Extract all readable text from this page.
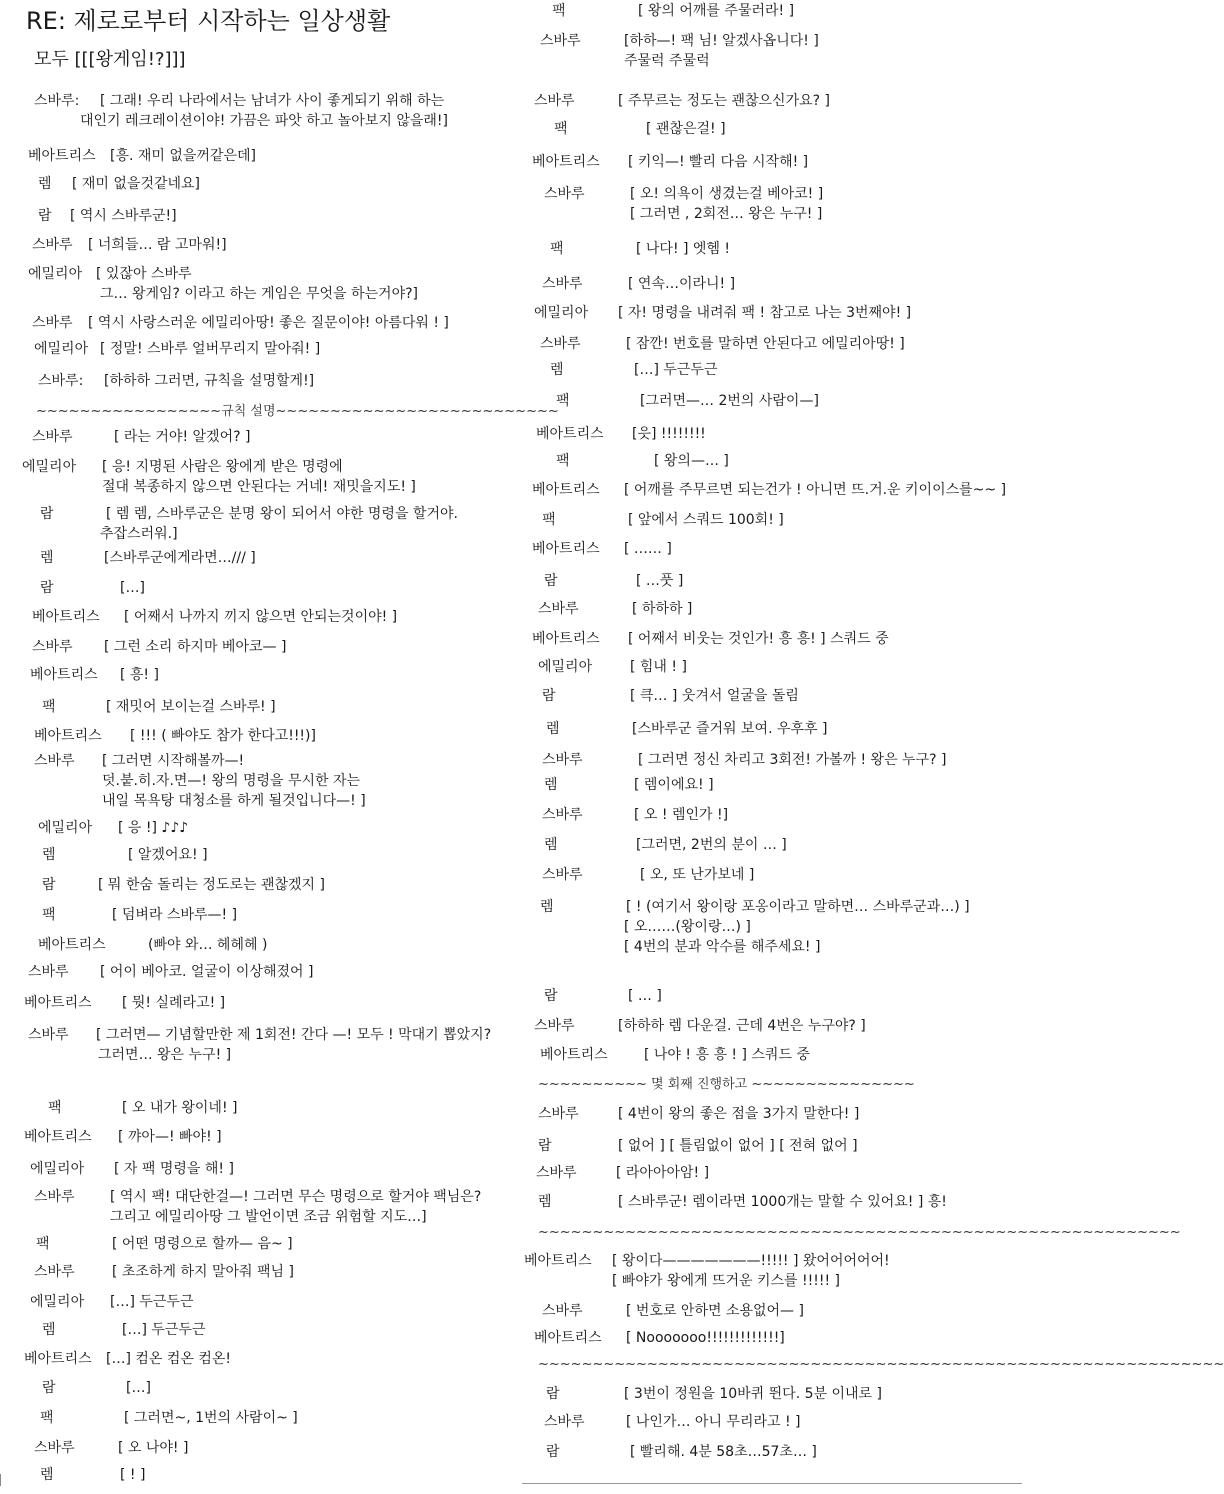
RE: 제로로부터 시작하는 일상생활
모두 [[[왕게임!?]]]
스바루: [ 그래! 우리 나라에서는 남녀가 사이 좋게되기 위해 하는
대인기 레크레이션이야! 가끔은 파앗 하고 놀아보지 않을래!]
베아트리스 [흥. 재미 없을꺼같은데]
렘 [ 재미 없을것같네요]
람 [ 역시 스바루군!]
스바루 [ 너희들… 람 고마워!]
에밀리아 [ 있잖아 스바루
그… 왕게임? 이라고 하는 게임은 무엇을 하는거야?]
스바루 [ 역시 사랑스러운 에밀리아땅! 좋은 질문이야! 아름다워 ! ]
에밀리아 [ 정말! 스바루 얼버무리지 말아줘! ]
스바루: [하하하 그러면, 규칙을 설명할게!]
~~~~~~~~~~~~~~~~~규칙 설명~~~~~~~~~~~~~~~~~~~~~~~~~~
스바루	[ 라는 거야! 알겠어? ]
에밀리아 [ 응! 지명된 사람은 왕에게 받은 명령에
절대 복종하지 않으면 안된다는 거네! 재밋을지도! ]
람	[ 렘 렘, 스바루군은 분명 왕이 되어서 야한 명령을 할거야.
추잡스러워.]
렘	[스바루군에게라면…/// ]
람	[…]
베아트리스 [ 어째서 나까지 끼지 않으면 안되는것이야! ]
스바루 [ 그런 소리 하지마 베아코— ]
베아트리스 [ 흥! ]
팩	[ 재밋어 보이는걸 스바루! ]
베아트리스 [ !!! ( 빠야도 참가 한다고!!!)]
스바루 [ 그러면 시작해볼까—!
덧.붙.히.자.면—! 왕의 명령을 무시한 자는
내일 목욕탕 대청소를 하게 될것입니다—! ]
에밀리아 [ 응 !] ♪♪♪
렘	[ 알겠어요! ]
람	[ 뭐 한숨 돌리는 정도로는 괜찮겠지 ]
팩	[ 덤벼라 스바루—! ]
베아트리스	(빠야 와… 헤헤헤 )
스바루 [ 어이 베아코. 얼굴이 이상해졌어 ]
베아트리스 [ 뭣! 실례라고! ]
스바루 [ 그러면— 기념할만한 제 1회전! 간다 —! 모두 ! 막대기 뽑았지?
그러면… 왕은 누구! ]
팩	[ 오 내가 왕이네! ]
베아트리스 [ 꺄아—! 빠야! ]
에밀리아 [ 자 팩 명령을 해! ]
스바루	[ 역시 팩! 대단한걸—! 그러면 무슨 명령으로 할거야 팩님은?
그리고 에밀리아땅 그 발언이면 조금 위험할 지도…]
팩	[ 어떤 명령으로 할까— 음~ ]
스바루	[ 초조하게 하지 말아줘 팩님 ]
에밀리아 […] 두근두근
렘	[…] 두근두근
베아트리스 […] 컴온 컴온 컴온!
람	[…]
팩	[ 그러면~, 1번의 사람이~ ]
스바루	[ 오 나야! ]
렘	[ ! ]
팩	[ 왕의 어깨를 주물러라! ]
스바루	[하하—! 팩 님! 알겠사옵니다! ]
주물럭 주물럭
스바루	[ 주무르는 정도는 괜찮으신가요? ]
팩	[ 괜찮은걸! ]
베아트리스 [ 키익—! 빨리 다음 시작해! ]
스바루	[ 오! 의욕이 생겼는걸 베아코! ]
[ 그러면 , 2회전… 왕은 누구! ]
팩	[ 나다! ] 엣헴 !
스바루	[ 연속…이라니! ]
에밀리아 [ 자! 명령을 내려줘 팩 ! 참고로 나는 3번째야! ]
스바루	[ 잠깐! 번호를 말하면 안된다고 에밀리아땅! ]
렘	[…] 두근두근
팩	[그러면—… 2번의 사람이—]
베아트리스 [읏] !!!!!!!!
팩	[ 왕의—… ]
베아트리스 [ 어깨를 주무르면 되는건가 ! 아니면 뜨.거.운 키이이스를~~ ]
팩	[ 앞에서 스쿼드 100회! ]
베아트리스 [ …… ]
람	[ …풋 ]
스바루	[ 하하하 ]
베아트리스 [ 어째서 비웃는 것인가! 흥 흥! ] 스쿼드 중
에밀리아	[ 힘내 ! ]
람	[ 큭… ] 웃겨서 얼굴을 돌림
렘	[스바루군 즐거워 보여. 우후후 ]
스바루	[ 그러면 정신 차리고 3회전! 가볼까 ! 왕은 누구? ]
렘	[ 렘이에요! ]
스바루	[ 오 ! 렘인가 !]
렘	[그러면, 2번의 분이 … ]
스바루	[ 오, 또 난가보네 ]
렘	[ ! (여기서 왕이랑 포옹이라고 말하면… 스바루군과…) ]
[ 오……(왕이랑…) ]
[ 4번의 분과 악수를 해주세요! ]
람	[ … ]
스바루	[하하하 렘 다운걸. 근데 4번은 누구야? ]
베아트리스	[ 나야 ! 흥 흥 ! ] 스쿼드 중
~~~~~~~~~~ 몇 회째 진행하고 ~~~~~~~~~~~~~~~
스바루	[ 4번이 왕의 좋은 점을 3가지 말한다! ]
람	[ 없어 ] [ 틀림없이 없어 ] [ 전혀 없어 ]
스바루	[ 라아아아암! ]
렘	[ 스바루군! 렘이라면 1000개는 말할 수 있어요! ] 흥!
~~~~~~~~~~~~~~~~~~~~~~~~~~~~~~~~~~~~~~~~~~~~~~~~~~~~~~~~~~~
베아트리스 [ 왕이다———————!!!!! ] 왔어어어어어!
[ 빠야가 왕에게 뜨거운 키스를 !!!!! ]
스바루	[ 번호로 안하면 소용없어— ]
베아트리스 [ Nooooooo!!!!!!!!!!!!!]
~~~~~~~~~~~~~~~~~~~~~~~~~~~~~~~~~~~~~~~~~~~~~~~~~~~~~~~~~~~~~~~
람	[ 3번이 정원을 10바퀴 뛴다. 5분 이내로 ]
스바루	[ 나인가… 아니 무리라고 ! ]
람	[ 빨리해. 4분 58초…57초… ]
